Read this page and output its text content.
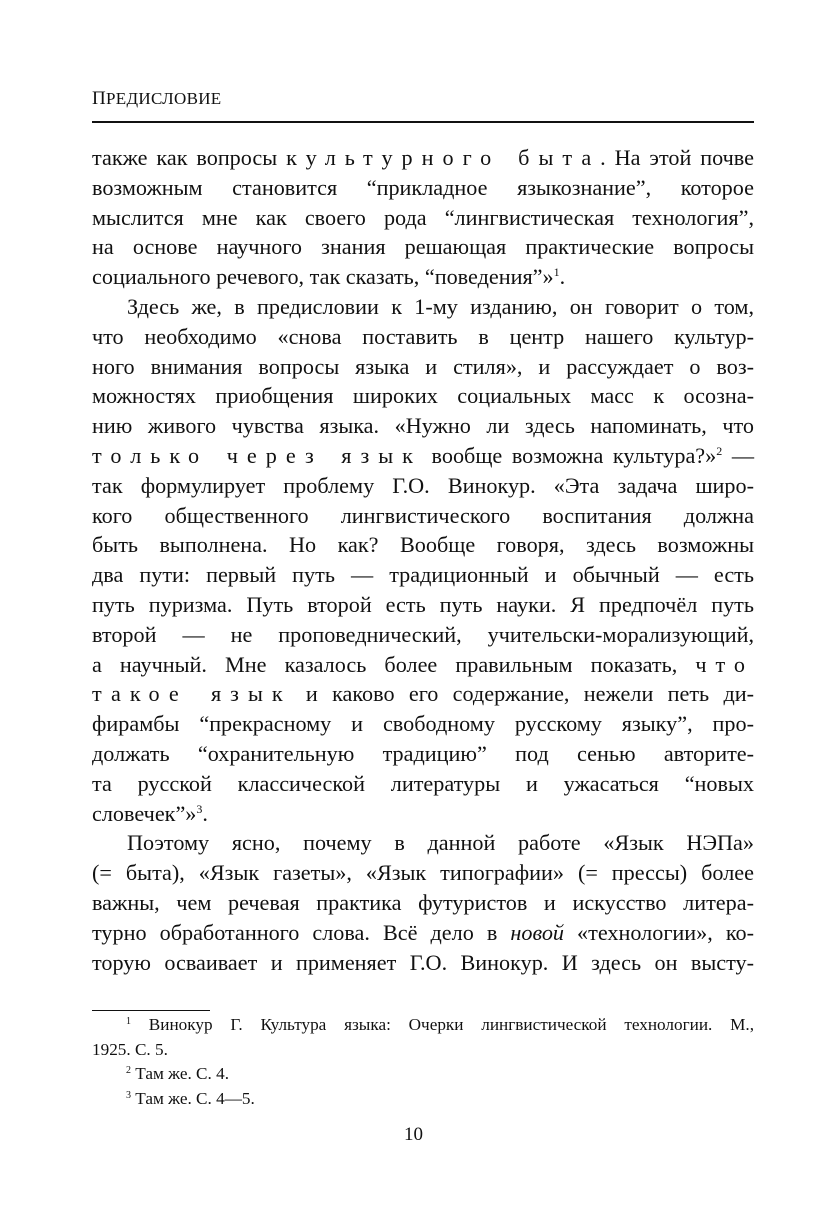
ПРЕДИСЛОВИЕ
также как вопросы культурного быта. На этой почве
возможным становится “прикладное языкознание”, которое
мыслится мне как своего рода “лингвистическая технология”,
на основе научного знания решающая практические вопросы
социального речевого, так сказать, “поведения”»$^1$.
Здесь же, в предисловии к 1-му изданию, он говорит о том,
что необходимо «снова поставить в центр нашего культур-
ного внимания вопросы языка и стиля», и рассуждает о воз-
можностях приобщения широких социальных масс к осозна-
нию живого чувства языка. «Нужно ли здесь напоминать, что
только через язык вообще возможна культура?»$^2$ —
так формулирует проблему Г.О. Винокур. «Эта задача широ-
кого общественного лингвистического воспитания должна
быть выполнена. Но как? Вообще говоря, здесь возможны
два пути: первый путь — традиционный и обычный — есть
путь пуризма. Путь второй есть путь науки. Я предпочёл путь
второй — не проповеднический, учительски-морализующий,
а научный. Мне казалось более правильным показать, что
такое язык и каково его содержание, нежели петь ди-
фирамбы “прекрасному и свободному русскому языку”, про-
должать “охранительную традицию” под сенью авторите-
та русской классической литературы и ужасаться “новых
словечек”»$^3$.
Поэтому ясно, почему в данной работе «Язык НЭПа»
(= быта), «Язык газеты», «Язык типографии» (= прессы) более
важны, чем речевая практика футуристов и искусство литера-
турно обработанного слова. Всё дело в новой «технологии», ко-
торую осваивает и применяет Г.О. Винокур. И здесь он высту-
$^1$ Винокур Г. Культура языка: Очерки лингвистической технологии. М.,
1925. С. 5.
$^2$ Там же. С. 4.
$^3$ Там же. С. 4—5.
10
